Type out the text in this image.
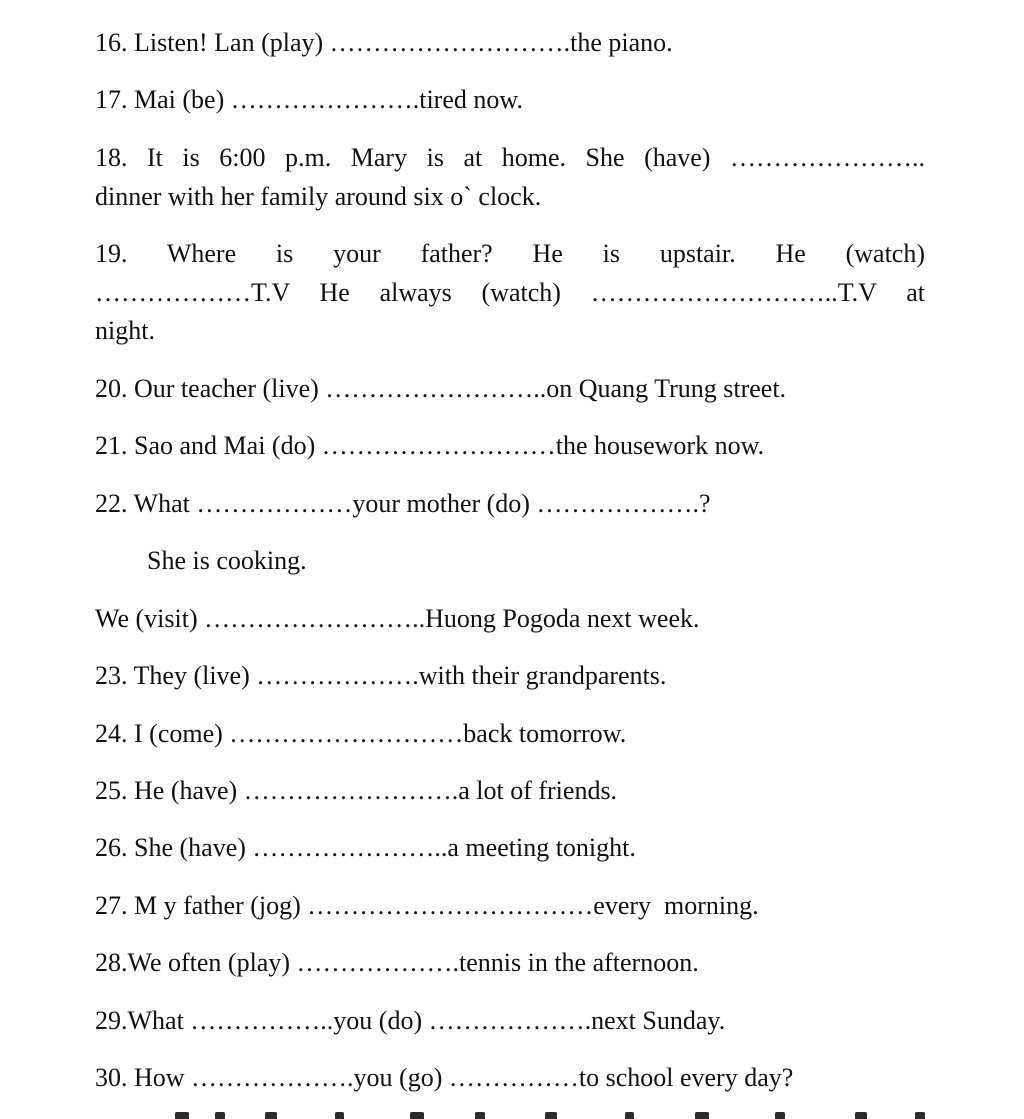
16. Listen! Lan (play) ……………………….the piano.
17. Mai (be) ………………….tired now.
18. It is 6:00 p.m. Mary is at home. She (have) …………………..
dinner with her family around six o` clock.
19. Where is your father? He is upstair. He (watch)
………………T.V He always (watch) ………………………..T.V at
night.
20. Our teacher (live) ……………………..on Quang Trung street.
21. Sao and Mai (do) ………………………the housework now.
22. What ………………your mother (do) ……………….?
She is cooking.
We (visit) ……………………..Huong Pogoda next week.
23. They (live) ……………….with their grandparents.
24. I (come) ………………………back tomorrow.
25. He (have) …………………….a lot of friends.
26. She (have) …………………..a meeting tonight.
27. M y father (jog) ……………………………every  morning.
28.We often (play) ……………….tennis in the afternoon.
29.What ……………..you (do) ……………….next Sunday.
30. How ……………….you (go) ……………to school every day?
